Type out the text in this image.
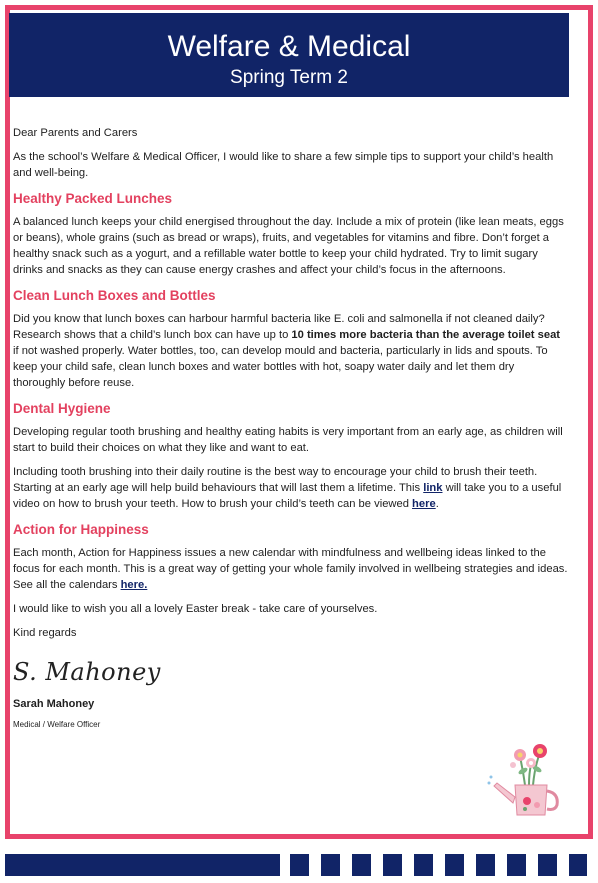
Welfare & Medical
Spring Term 2

Dear Parents and Carers

As the school’s Welfare & Medical Officer, I would like to share a few simple tips to support your child’s health and well-being.

Healthy Packed Lunches

A balanced lunch keeps your child energised throughout the day. Include a mix of protein (like lean meats, eggs or beans), whole grains (such as bread or wraps), fruits, and vegetables for vitamins and fibre. Don’t forget a healthy snack such as a yogurt, and a refillable water bottle to keep your child hydrated. Try to limit sugary drinks and snacks as they can cause energy crashes and affect your child’s focus in the afternoons.

Clean Lunch Boxes and Bottles

Did you know that lunch boxes can harbour harmful bacteria like E. coli and salmonella if not cleaned daily? Research shows that a child’s lunch box can have up to 10 times more bacteria than the average toilet seat if not washed properly. Water bottles, too, can develop mould and bacteria, particularly in lids and spouts. To keep your child safe, clean lunch boxes and water bottles with hot, soapy water daily and let them dry thoroughly before reuse.

Dental Hygiene

Developing regular tooth brushing and healthy eating habits is very important from an early age, as children will start to build their choices on what they like and want to eat.

Including tooth brushing into their daily routine is the best way to encourage your child to brush their teeth. Starting at an early age will help build behaviours that will last them a lifetime. This link will take you to a useful video on how to brush your teeth. How to brush your child’s teeth can be viewed here.

Action for Happiness

Each month, Action for Happiness issues a new calendar with mindfulness and wellbeing ideas linked to the focus for each month. This is a great way of getting your whole family involved in wellbeing strategies and ideas. See all the calendars here.

I would like to wish you all a lovely Easter break - take care of yourselves.

Kind regards

S. Mahoney

Sarah Mahoney

Medical / Welfare Officer
